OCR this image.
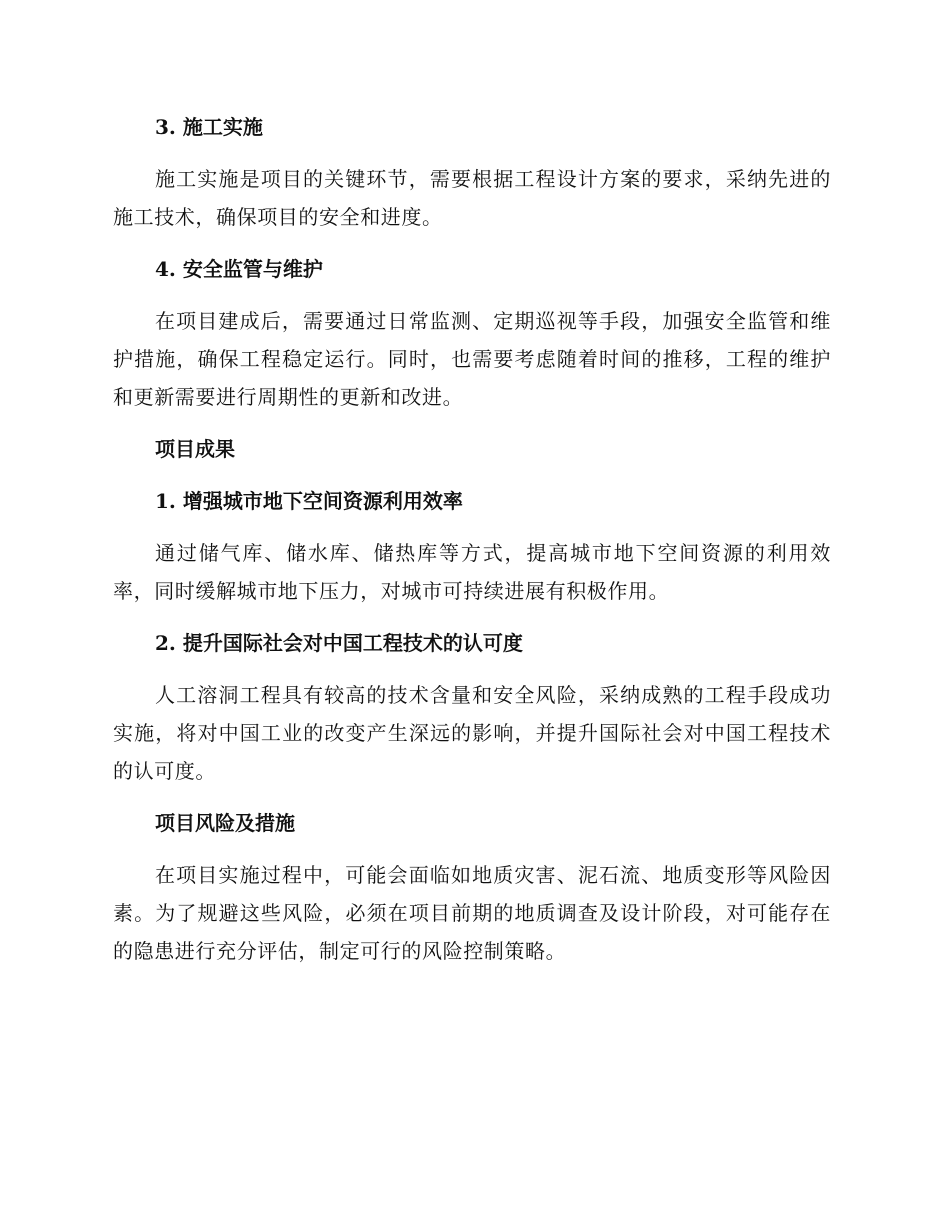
3. 施工实施

施工实施是项目的关键环节，需要根据工程设计方案的要求，采纳先进的施工技术，确保项目的安全和进度。

4. 安全监管与维护

在项目建成后，需要通过日常监测、定期巡视等手段，加强安全监管和维护措施，确保工程稳定运行。同时，也需要考虑随着时间的推移，工程的维护和更新需要进行周期性的更新和改进。

项目成果
1. 增强城市地下空间资源利用效率

通过储气库、储水库、储热库等方式，提高城市地下空间资源的利用效率，同时缓解城市地下压力，对城市可持续进展有积极作用。

2. 提升国际社会对中国工程技术的认可度

人工溶洞工程具有较高的技术含量和安全风险，采纳成熟的工程手段成功实施，将对中国工业的改变产生深远的影响，并提升国际社会对中国工程技术的认可度。

项目风险及措施

在项目实施过程中，可能会面临如地质灾害、泥石流、地质变形等风险因素。为了规避这些风险，必须在项目前期的地质调查及设计阶段，对可能存在的隐患进行充分评估，制定可行的风险控制策略。
